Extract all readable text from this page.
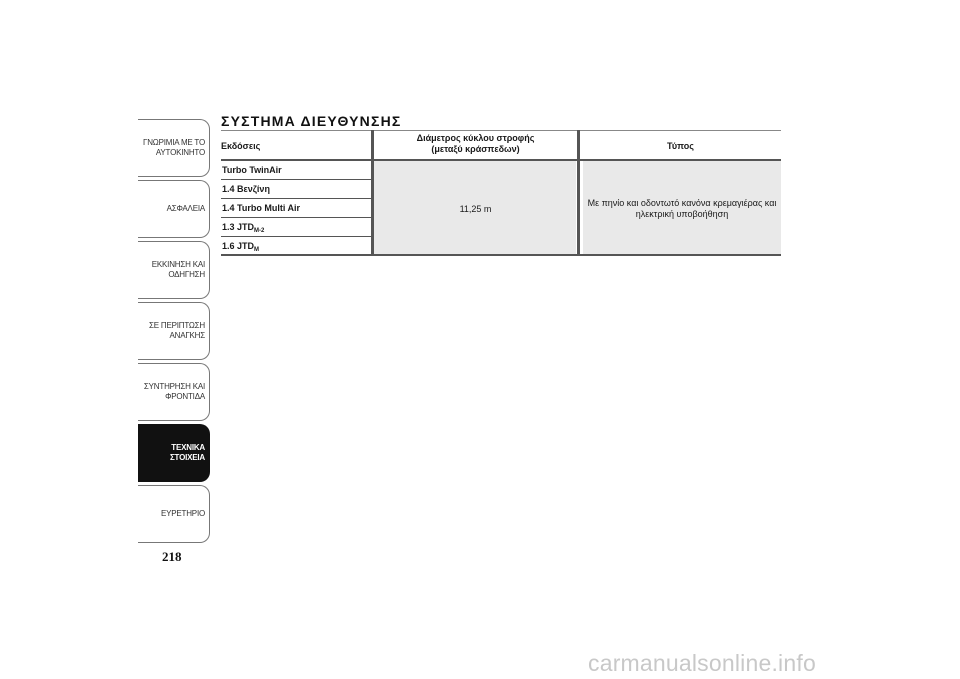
ΓΝΩΡΙΜΙΑ ΜΕ ΤΟ
ΑΥΤΟΚΙΝΗΤΟ
ΑΣΦΑΛΕΙΑ
ΕΚΚΙΝΗΣΗ ΚΑΙ
ΟΔΗΓΗΣΗ
ΣΕ ΠΕΡΙΠΤΩΣΗ
ΑΝΑΓΚΗΣ
ΣΥΝΤΗΡΗΣΗ ΚΑΙ
ΦΡΟΝΤΙΔΑ
ΤΕΧΝΙΚΑ
ΣΤΟΙΧΕΙΑ
ΕΥΡΕΤΗΡΙΟ
218
ΣΥΣΤΗΜΑ ΔΙΕΥΘΥΝΣΗΣ
Εκδόσεις
Διάμετρος κύκλου στροφής
(μεταξύ κράσπεδων)	Τύπος
Turbo TwinAir
1.4 Βενζίνη
1.4 Turbo Multi Air
1.3 $JTD_{M-2}$
1.6 $JTD_M$
11,25 m
Με πηνίο και οδοντωτό κανόνα κρεμαγιέρας και
ηλεκτρική υποβοήθηση
carmanualsonline.info
